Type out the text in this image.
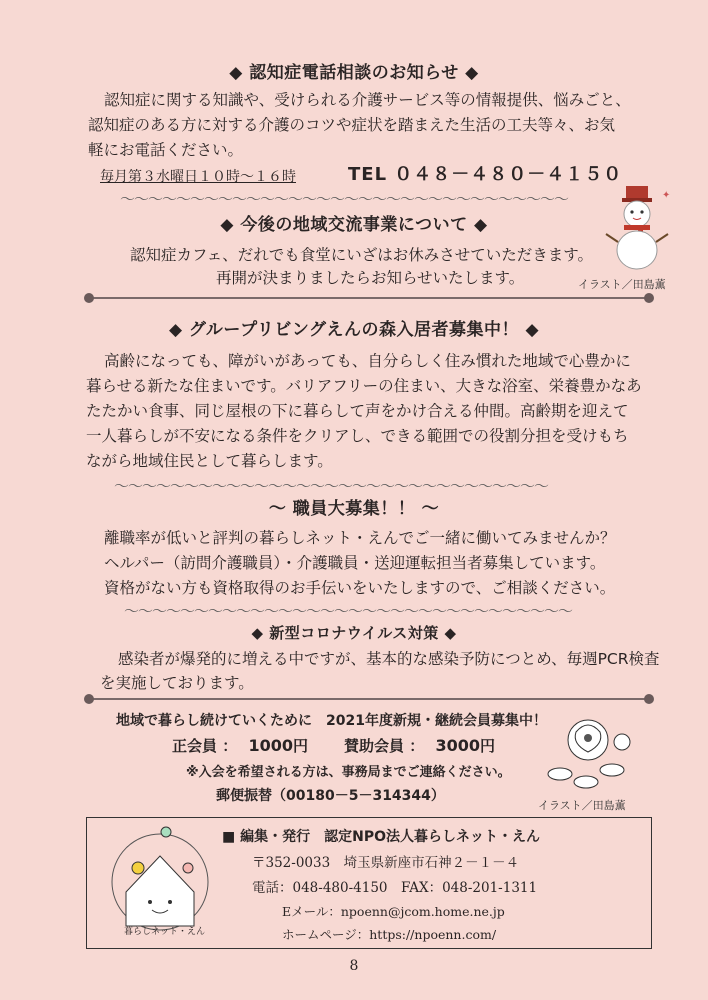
◆ 認知症電話相談のお知らせ ◆
認知症に関する知識や、受けられる介護サービス等の情報提供、悩みごと、
認知症のある方に対する介護のコツや症状を踏まえた生活の工夫等々、お気
軽にお電話ください。
毎月第３水曜日１０時～１６時	TEL ０４８－４８０－４１５０
～～～～～～～～～～～～～～～～～～～～～～～～～～～～～～～～
◆ 今後の地域交流事業について ◆
認知症カフェ、だれでも食堂にいざはお休みさせていただきます。
再開が決まりましたらお知らせいたします。
✦
イラスト／田島薫
◆ グループリビングえんの森入居者募集中！ ◆
高齢になっても、障がいがあっても、自分らしく住み慣れた地域で心豊かに
暮らせる新たな住まいです。バリアフリーの住まい、大きな浴室、栄養豊かなあ
たたかい食事、同じ屋根の下に暮らして声をかけ合える仲間。高齢期を迎えて
一人暮らしが不安になる条件をクリアし、できる範囲での役割分担を受けもち
ながら地域住民として暮らします。
～～～～～～～～～～～～～～～～～～～～～～～～～～～～～～～
～ 職員大募集！！ ～
離職率が低いと評判の暮らしネット・えんでご一緒に働いてみませんか？
ヘルパー（訪問介護職員）・介護職員・送迎運転担当者募集しています。
資格がない方も資格取得のお手伝いをいたしますので、ご相談ください。
～～～～～～～～～～～～～～～～～～～～～～～～～～～～～～～～
◆ 新型コロナウイルス対策 ◆
感染者が爆発的に増える中ですが、基本的な感染予防につとめ、毎週PCR検査
を実施しております。
地域で暮らし続けていくために　2021年度新規・継続会員募集中！
正会員 ： 1000円 賛助会員 ： 3000円
※入会を希望される方は、事務局までご連絡ください。
郵便振替（00180－5－314344）
イラスト／田島薫
暮らしネット・えん
■ 編集・発行　認定NPO法人暮らしネット・えん
〒352-0033　埼玉県新座市石神２－１－４
電話：048-480-4150　FAX：048-201-1311
Eメール：npoenn@jcom.home.ne.jp
ホームページ：https://npoenn.com/
8
